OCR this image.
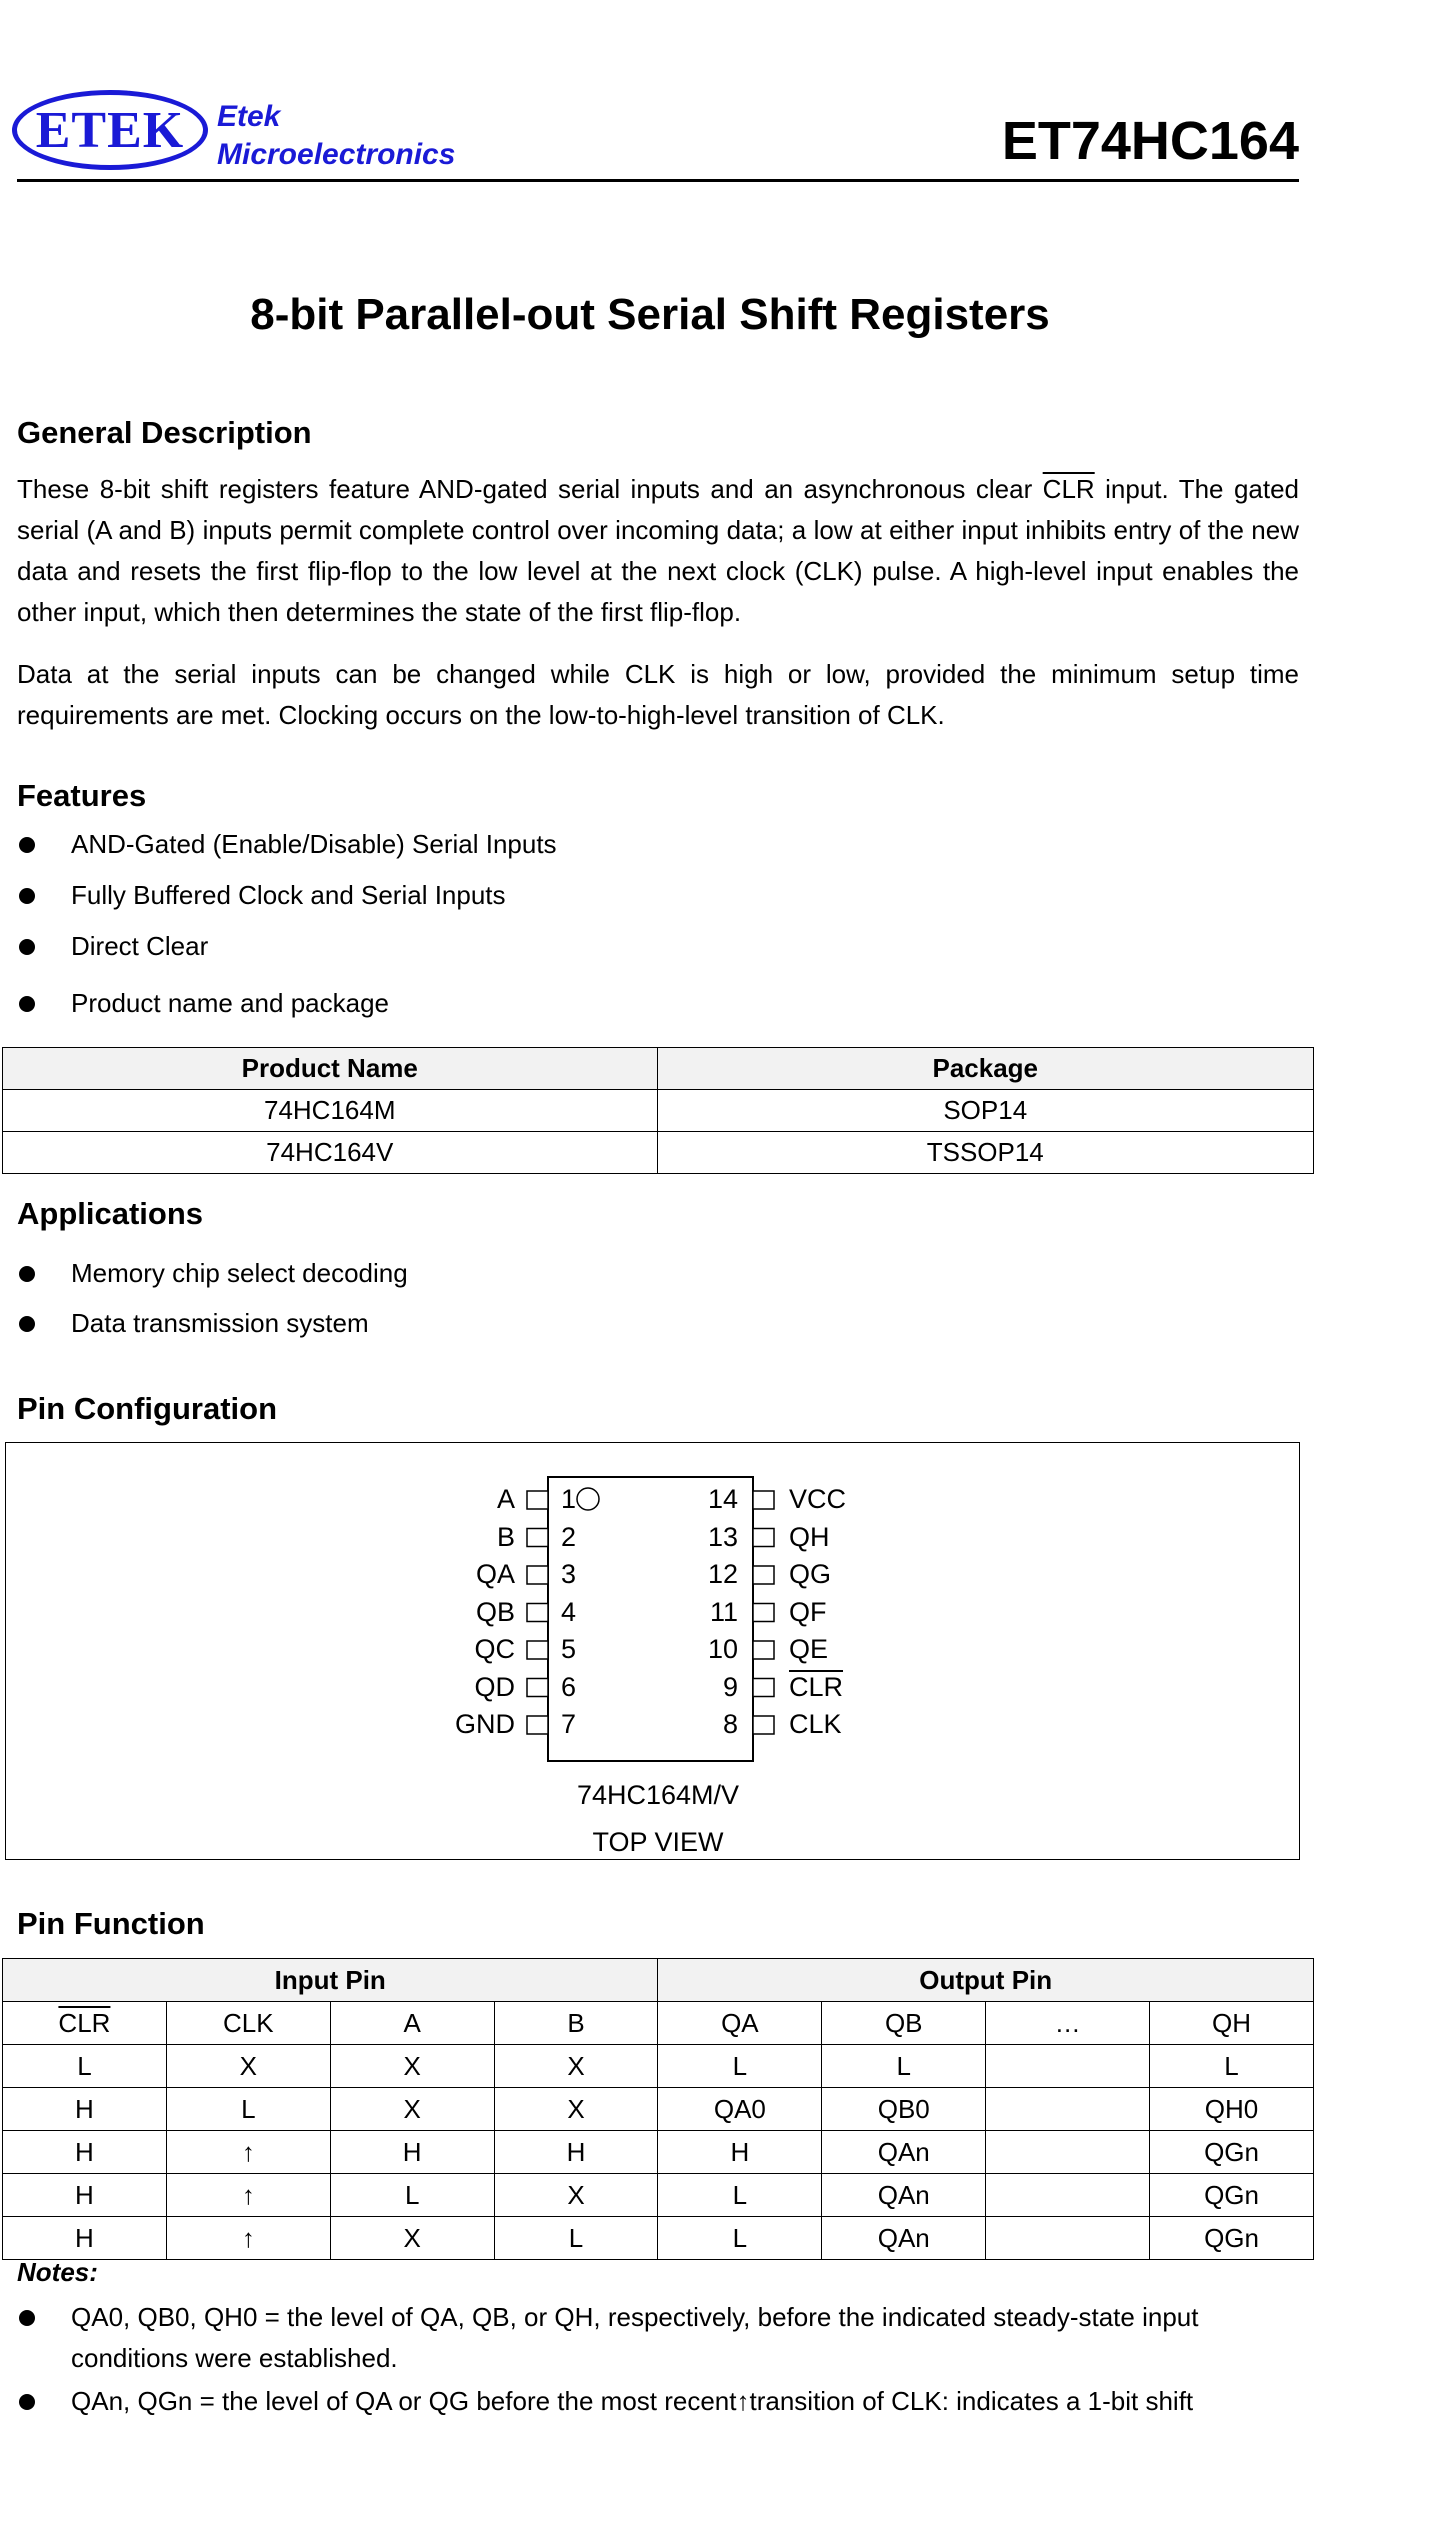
ETEK Etek
Microelectronics	ET74HC164
8-bit Parallel-out Serial Shift Registers
General Description

These 8-bit shift registers feature AND-gated serial inputs and an asynchronous clear $\overline{CLR}$ input. The gated serial (A and B) inputs permit complete control over incoming data; a low at either input inhibits entry of the new data and resets the first flip-flop to the low level at the next clock (CLK) pulse. A high-level input enables the other input, which then determines the state of the first flip-flop.

Data at the serial inputs can be changed while CLK is high or low, provided the minimum setup time requirements are met. Clocking occurs on the low-to-high-level transition of CLK.

Features
AND-Gated (Enable/Disable) Serial Inputs
Fully Buffered Clock and Serial Inputs
Direct Clear
Product name and package
Product Name	Package
74HC164M	SOP14
74HC164V	TSSOP14
Applications
Memory chip select decoding
Data transmission system
Pin Configuration
A 1
B 2
QA 3
QB 4
QC 5
QD 6
GND 7
VCC
14
QH
13
QG
12
QF
11
QE
10
$\overline{CLR}$
9
CLK
8
74HC164M/V
TOP VIEW
Pin Function
Input Pin				Output Pin			
$\overline{CLR}$	CLK	A	B	QA	QB	…	QH
L	X	X	X	L	L		L
H	L	X	X	QA0	QB0		QH0
H	↑	H	H	H	QAn		QGn
H	↑	L	X	L	QAn		QGn
H	↑	X	L	L	QAn		QGn
Notes:
QA0, QB0, QH0 = the level of QA, QB, or QH, respectively, before the indicated steady-state input conditions were established.
QAn, QGn = the level of QA or QG before the most recent↑transition of CLK: indicates a 1-bit shift
